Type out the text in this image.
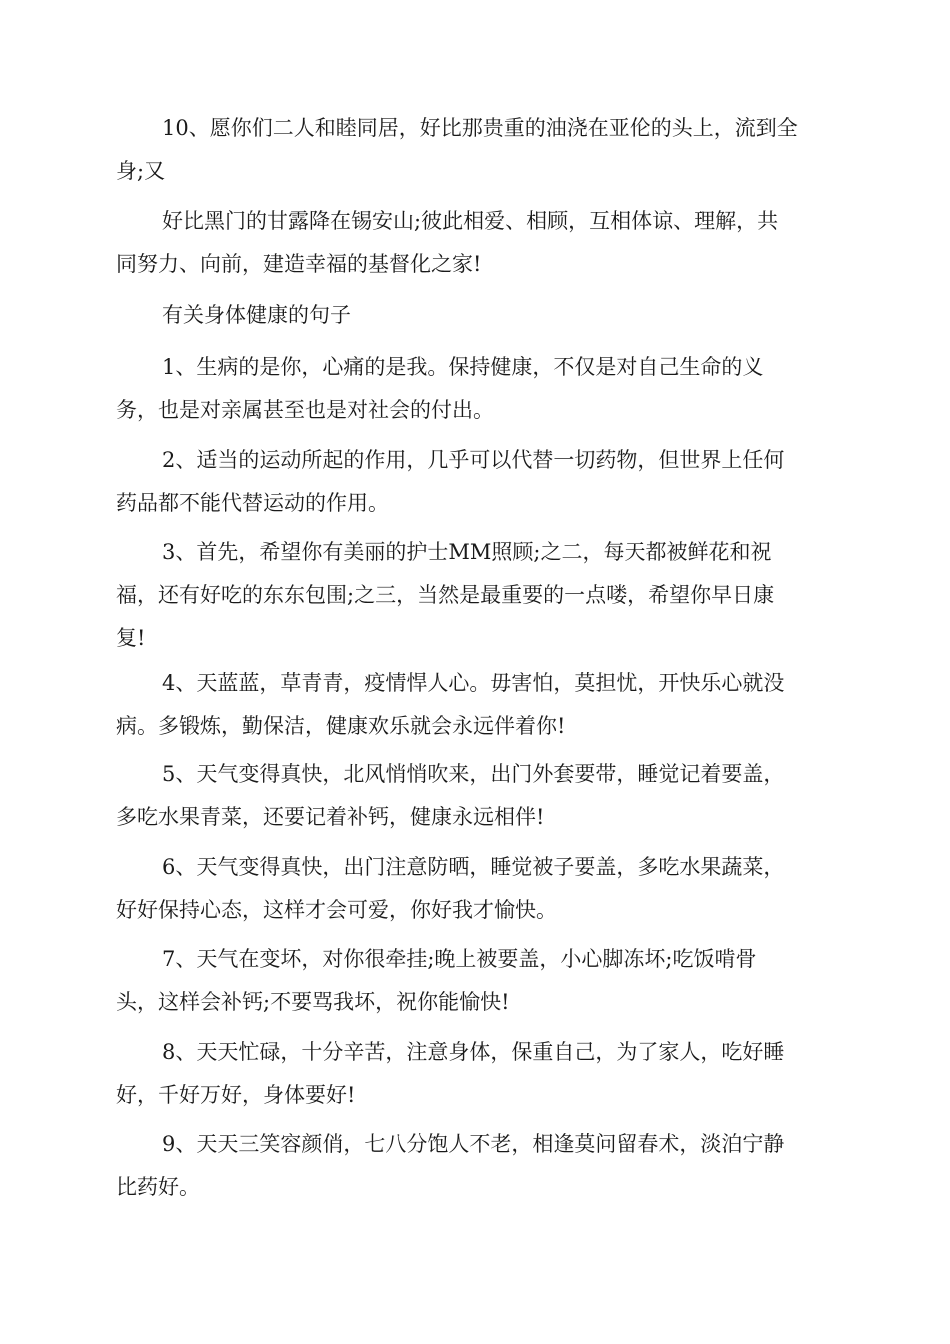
10、愿你们二人和睦同居，好比那贵重的油浇在亚伦的头上，流到全
身;又
好比黑门的甘露降在锡安山;彼此相爱、相顾，互相体谅、理解，共
同努力、向前，建造幸福的基督化之家!
有关身体健康的句子
1、生病的是你，心痛的是我。保持健康，不仅是对自己生命的义
务，也是对亲属甚至也是对社会的付出。
2、适当的运动所起的作用，几乎可以代替一切药物，但世界上任何
药品都不能代替运动的作用。
3、首先，希望你有美丽的护士MM照顾;之二，每天都被鲜花和祝
福，还有好吃的东东包围;之三，当然是最重要的一点喽，希望你早日康
复!
4、天蓝蓝，草青青，疫情悍人心。毋害怕，莫担忧，开快乐心就没
病。多锻炼，勤保洁，健康欢乐就会永远伴着你!
5、天气变得真快，北风悄悄吹来，出门外套要带，睡觉记着要盖，
多吃水果青菜，还要记着补钙，健康永远相伴!
6、天气变得真快，出门注意防晒，睡觉被子要盖，多吃水果蔬菜，
好好保持心态，这样才会可爱，你好我才愉快。
7、天气在变坏，对你很牵挂;晚上被要盖，小心脚冻坏;吃饭啃骨
头，这样会补钙;不要骂我坏，祝你能愉快!
8、天天忙碌，十分辛苦，注意身体，保重自己，为了家人，吃好睡
好，千好万好，身体要好!
9、天天三笑容颜俏，七八分饱人不老，相逢莫问留春术，淡泊宁静
比药好。
